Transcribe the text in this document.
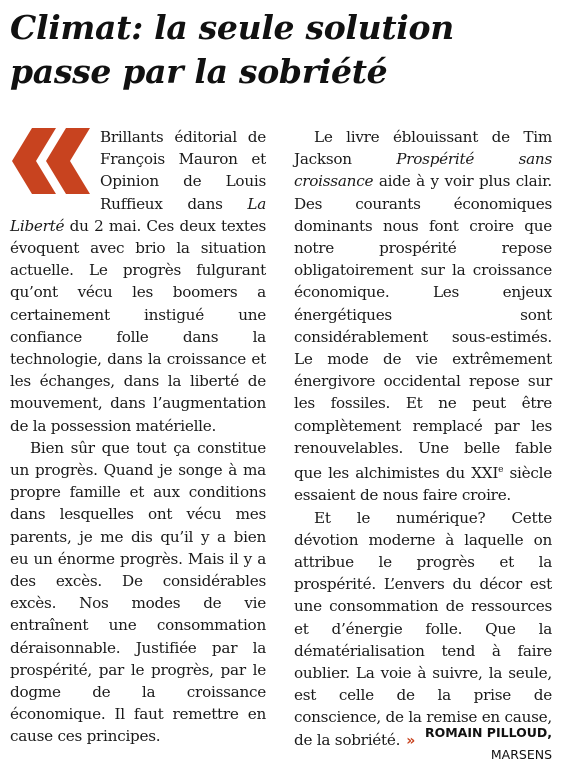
Climat: la seule solution
passe par la sobriété

Brillants éditorial de François Mauron et Opinion de Louis Ruffieux dans La Liberté du 2 mai. Ces deux textes évoquent avec brio la situation actuelle. Le progrès fulgurant qu’ont vécu les boomers a certainement instigué une confiance folle dans la technologie, dans la croissance et les échanges, dans la liberté de mouvement, dans l’augmentation de la possession matérielle.

Bien sûr que tout ça constitue un progrès. Quand je songe à ma propre famille et aux conditions dans lesquelles ont vécu mes parents, je me dis qu’il y a bien eu un énorme progrès. Mais il y a des excès. De considérables excès. Nos modes de vie entraînent une consommation déraisonnable. Justifiée par la prospérité, par le progrès, par le dogme de la croissance économique. Il faut remettre en cause ces principes.

Le livre éblouissant de Tim Jackson Prospérité sans croissance aide à y voir plus clair. Des courants économiques dominants nous font croire que notre prospérité repose obligatoirement sur la croissance économique. Les enjeux énergétiques sont considérablement sous-estimés. Le mode de vie extrêmement énergivore occidental repose sur les fossiles. Et ne peut être complètement remplacé par les renouvelables. Une belle fable que les alchimistes du XXIe siècle essaient de nous faire croire.

Et le numérique? Cette dévotion moderne à laquelle on attribue le progrès et la prospérité. L’envers du décor est une consommation de ressources et d’énergie folle. Que la dématérialisation tend à faire oublier. La voie à suivre, la seule, est celle de la prise de conscience, de la remise en cause, de la sobriété. »

ROMAIN PILLOUD,
MARSENS
